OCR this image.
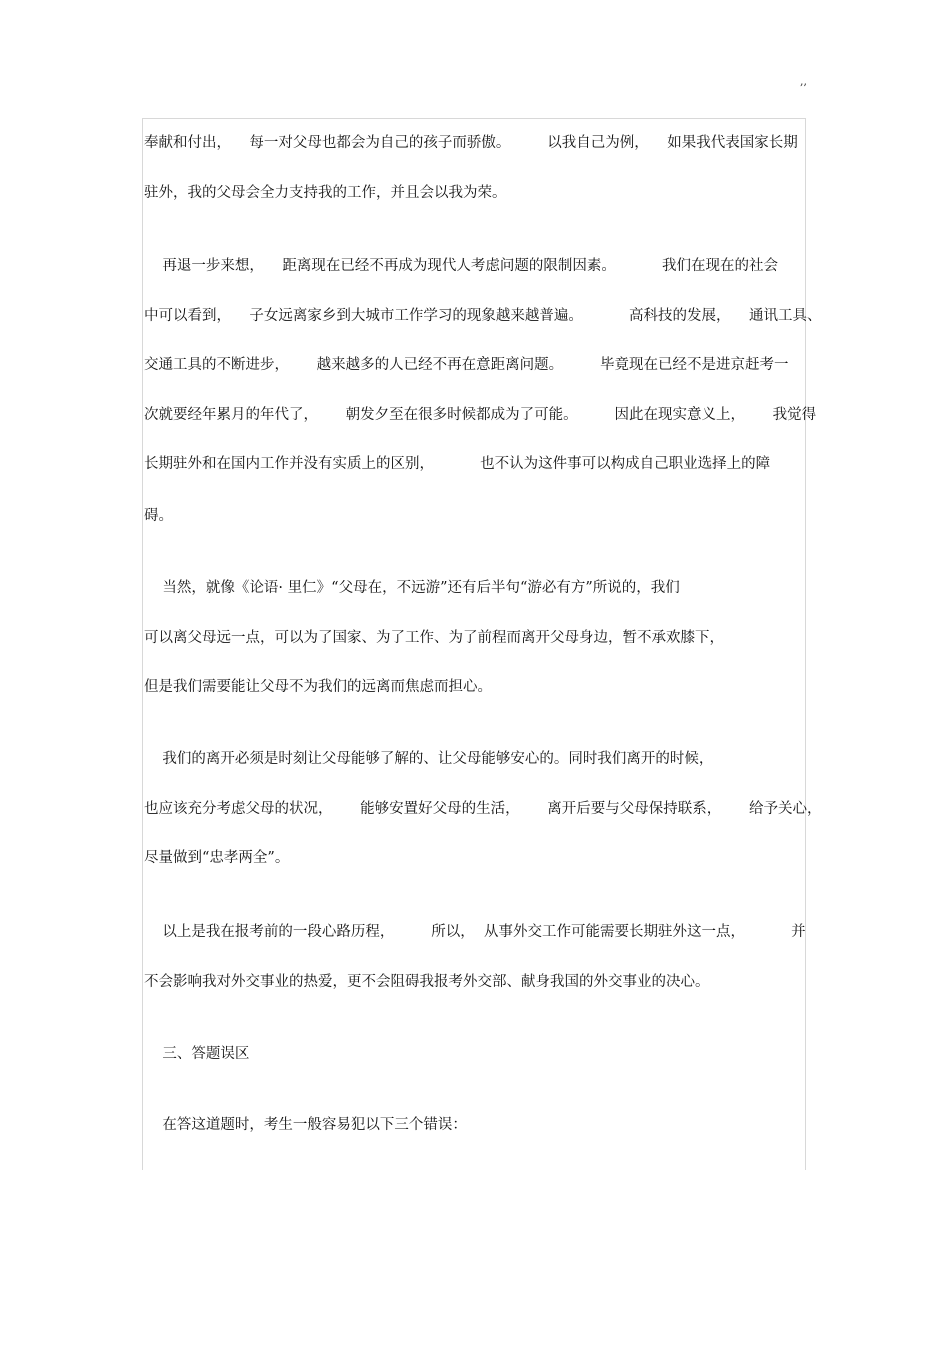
,,
奉献和付出，    每一对父母也都会为自己的孩子而骄傲。        以我自己为例，    如果我代表国家长期
驻外，我的父母会全力支持我的工作，并且会以我为荣。
再退一步来想，    距离现在已经不再成为现代人考虑问题的限制因素。          我们在现在的社会
中可以看到，    子女远离家乡到大城市工作学习的现象越来越普遍。          高科技的发展，    通讯工具、
交通工具的不断进步，      越来越多的人已经不再在意距离问题。        毕竟现在已经不是进京赶考一
次就要经年累月的年代了，      朝发夕至在很多时候都成为了可能。        因此在现实意义上，      我觉得
长期驻外和在国内工作并没有实质上的区别，          也不认为这件事可以构成自己职业选择上的障
碍。
当然，就像《论语· 里仁》“父母在，不远游”还有后半句“游必有方”所说的，我们
可以离父母远一点，可以为了国家、为了工作、为了前程而离开父母身边，暂不承欢膝下，
但是我们需要能让父母不为我们的远离而焦虑而担心。
我们的离开必须是时刻让父母能够了解的、让父母能够安心的。同时我们离开的时候，
也应该充分考虑父母的状况，      能够安置好父母的生活，      离开后要与父母保持联系，      给予关心，
尽量做到“忠孝两全”。
以上是我在报考前的一段心路历程，        所以，  从事外交工作可能需要长期驻外这一点，          并
不会影响我对外交事业的热爱，更不会阻碍我报考外交部、献身我国的外交事业的决心。
三、答题误区
在答这道题时，考生一般容易犯以下三个错误：
